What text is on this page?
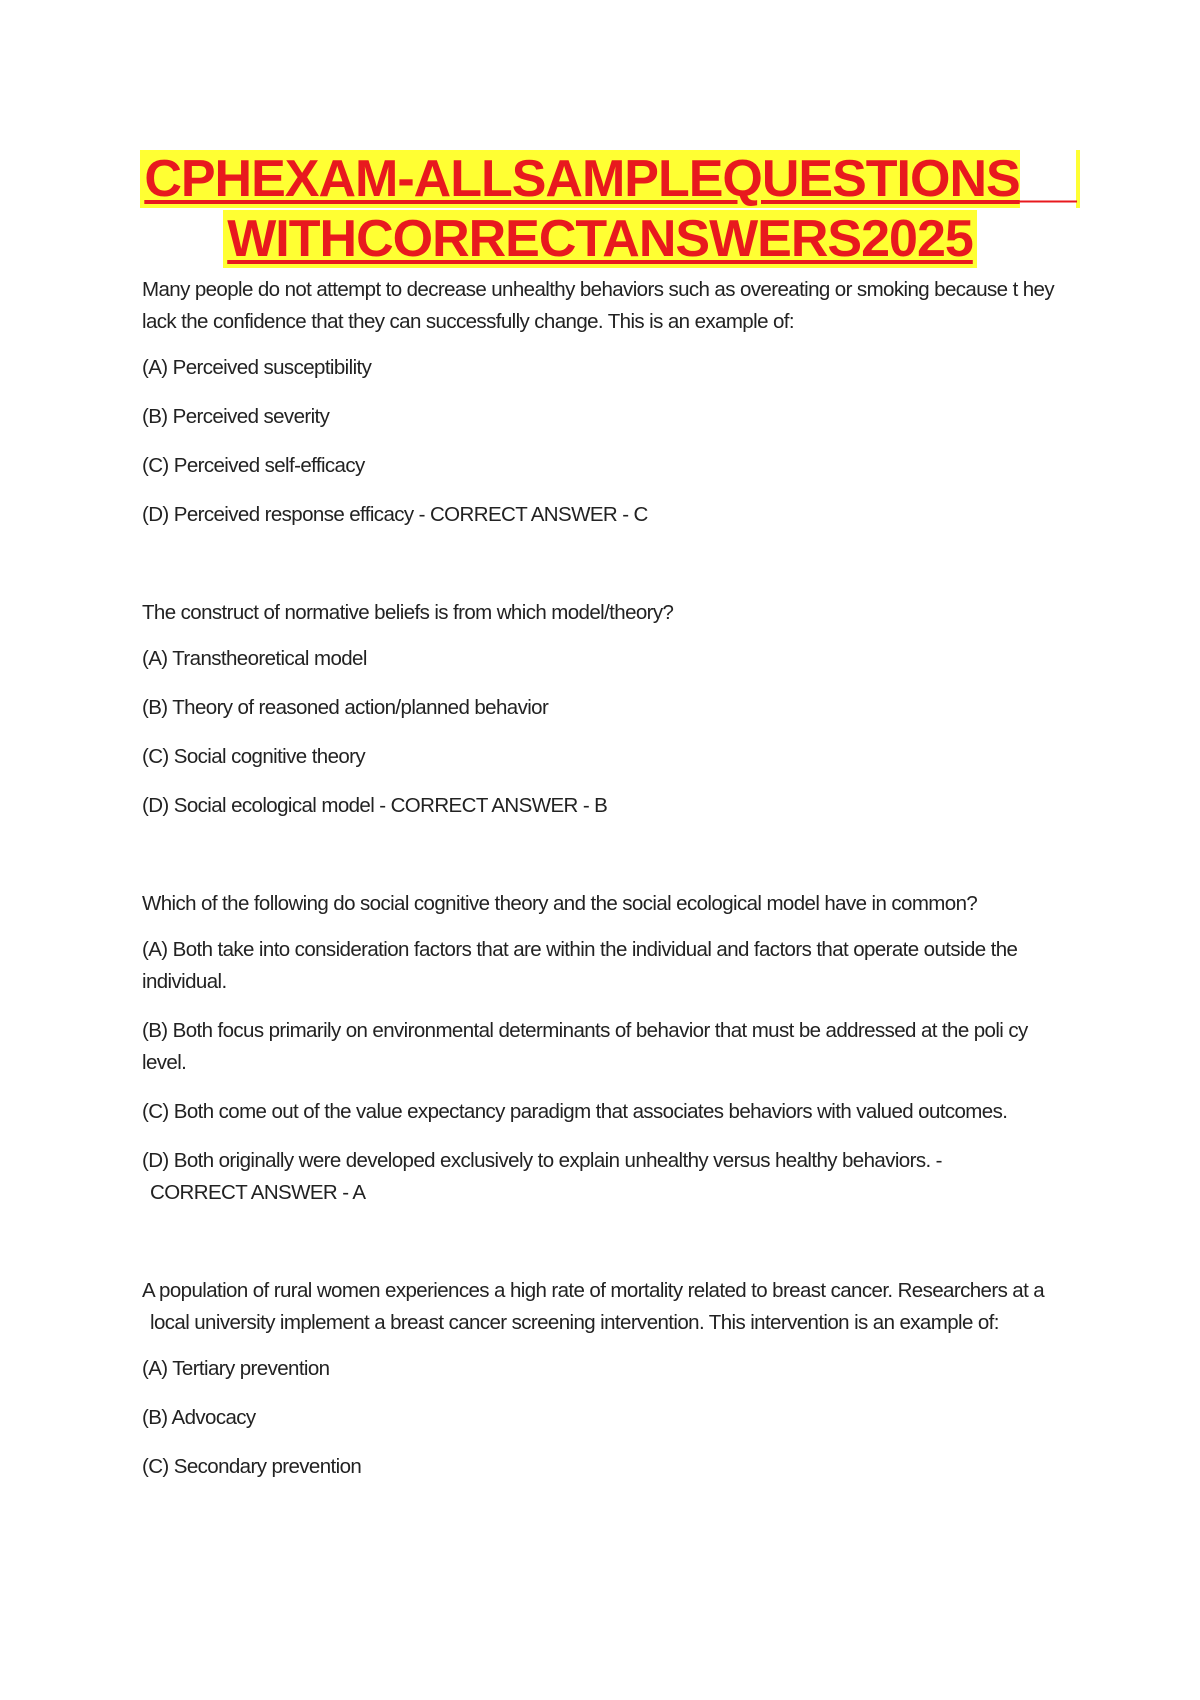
CPHEXAM-ALLSAMPLEQUESTIONS__
WITHCORRECTANSWERS2025
Many people do not attempt to decrease unhealthy behaviors such as overeating or smoking because t hey
lack the confidence that they can successfully change. This is an example of:
(A) Perceived susceptibility
(B) Perceived severity
(C) Perceived self-efficacy
(D) Perceived response efficacy - CORRECT ANSWER - C
The construct of normative beliefs is from which model/theory?
(A) Transtheoretical model
(B) Theory of reasoned action/planned behavior
(C) Social cognitive theory
(D) Social ecological model - CORRECT ANSWER - B
Which of the following do social cognitive theory and the social ecological model have in common?
(A) Both take into consideration factors that are within the individual and factors that operate outside the
individual.
(B) Both focus primarily on environmental determinants of behavior that must be addressed at the poli cy
level.
(C) Both come out of the value expectancy paradigm that associates behaviors with valued outcomes.
(D) Both originally were developed exclusively to explain unhealthy versus healthy behaviors. -
CORRECT ANSWER - A
A population of rural women experiences a high rate of mortality related to breast cancer. Researchers at a
local university implement a breast cancer screening intervention. This intervention is an example of:
(A) Tertiary prevention
(B) Advocacy
(C) Secondary prevention
